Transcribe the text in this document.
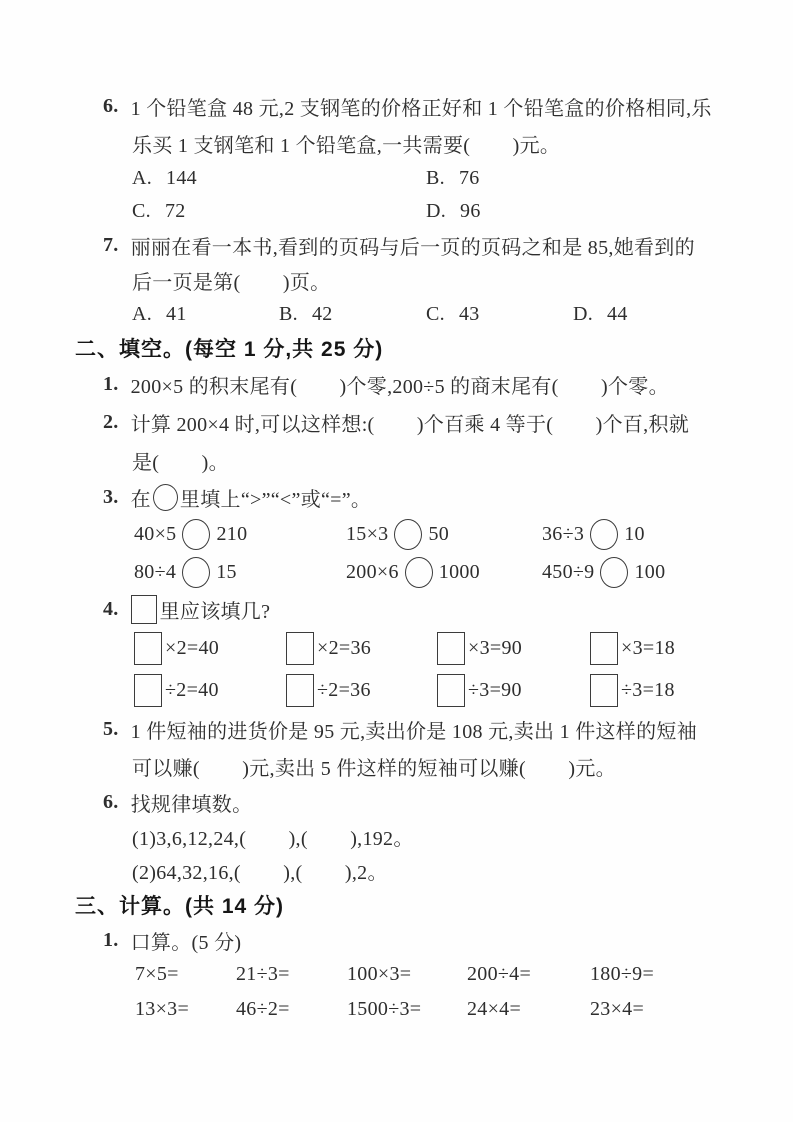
6. 1 个铅笔盒 48 元,2 支钢笔的价格正好和 1 个铅笔盒的价格相同,乐
乐买 1 支钢笔和 1 个铅笔盒,一共需要(        )元。
A. 144	B. 76
C. 72	D. 96
7. 丽丽在看一本书,看到的页码与后一页的页码之和是 85,她看到的
后一页是第(        )页。
A. 41	B. 42	C. 43	D. 44
二、填空。(每空 1 分,共 25 分)
1. 200×5 的积末尾有(        )个零,200÷5 的商末尾有(        )个零。
2. 计算 200×4 时,可以这样想:(        )个百乘 4 等于(        )个百,积就
是(        )。
3. 在 里填上“>”“<”或“=”。
40×5 210	15×3 50	36÷3 10
80÷4 15	200×6 1000	450÷9 100
4. 里应该填几?
×2=40	×2=36	×3=90	×3=18
÷2=40	÷2=36	÷3=90	÷3=18
5. 1 件短袖的进货价是 95 元,卖出价是 108 元,卖出 1 件这样的短袖
可以赚(        )元,卖出 5 件这样的短袖可以赚(        )元。
6. 找规律填数。
(1)3,6,12,24,(        ),(        ),192。
(2)64,32,16,(        ),(        ),2。
三、计算。(共 14 分)
1. 口算。(5 分)
7×5=	21÷3=	100×3=	200÷4=	180÷9=
13×3=	46÷2=	1500÷3=	24×4=	23×4=
